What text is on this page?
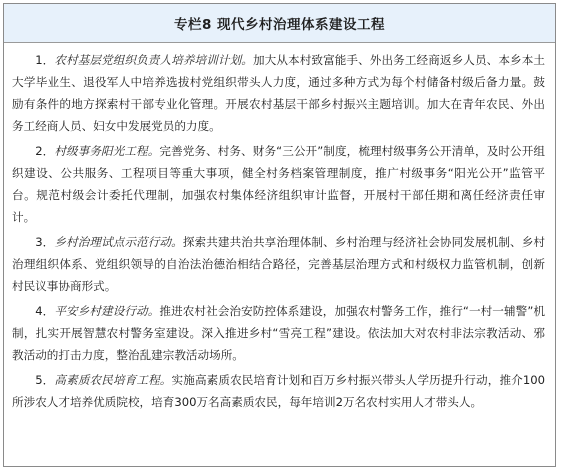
专栏8 现代乡村治理体系建设工程

1．农村基层党组织负责人培养培训计划。加大从本村致富能手、外出务工经商返乡人员、本乡本土大学毕业生、退役军人中培养选拔村党组织带头人力度，通过多种方式为每个村储备村级后备力量。鼓励有条件的地方探索村干部专业化管理。开展农村基层干部乡村振兴主题培训。加大在青年农民、外出务工经商人员、妇女中发展党员的力度。

2．村级事务阳光工程。完善党务、村务、财务“三公开”制度，梳理村级事务公开清单，及时公开组织建设、公共服务、工程项目等重大事项，健全村务档案管理制度，推广村级事务“阳光公开”监管平台。规范村级会计委托代理制，加强农村集体经济组织审计监督，开展村干部任期和离任经济责任审计。

3．乡村治理试点示范行动。探索共建共治共享治理体制、乡村治理与经济社会协同发展机制、乡村治理组织体系、党组织领导的自治法治德治相结合路径，完善基层治理方式和村级权力监管机制，创新村民议事协商形式。

4．平安乡村建设行动。推进农村社会治安防控体系建设，加强农村警务工作，推行“一村一辅警”机制，扎实开展智慧农村警务室建设。深入推进乡村“雪亮工程”建设。依法加大对农村非法宗教活动、邪教活动的打击力度，整治乱建宗教活动场所。

5．高素质农民培育工程。实施高素质农民培育计划和百万乡村振兴带头人学历提升行动，推介100所涉农人才培养优质院校，培育300万名高素质农民，每年培训2万名农村实用人才带头人。
